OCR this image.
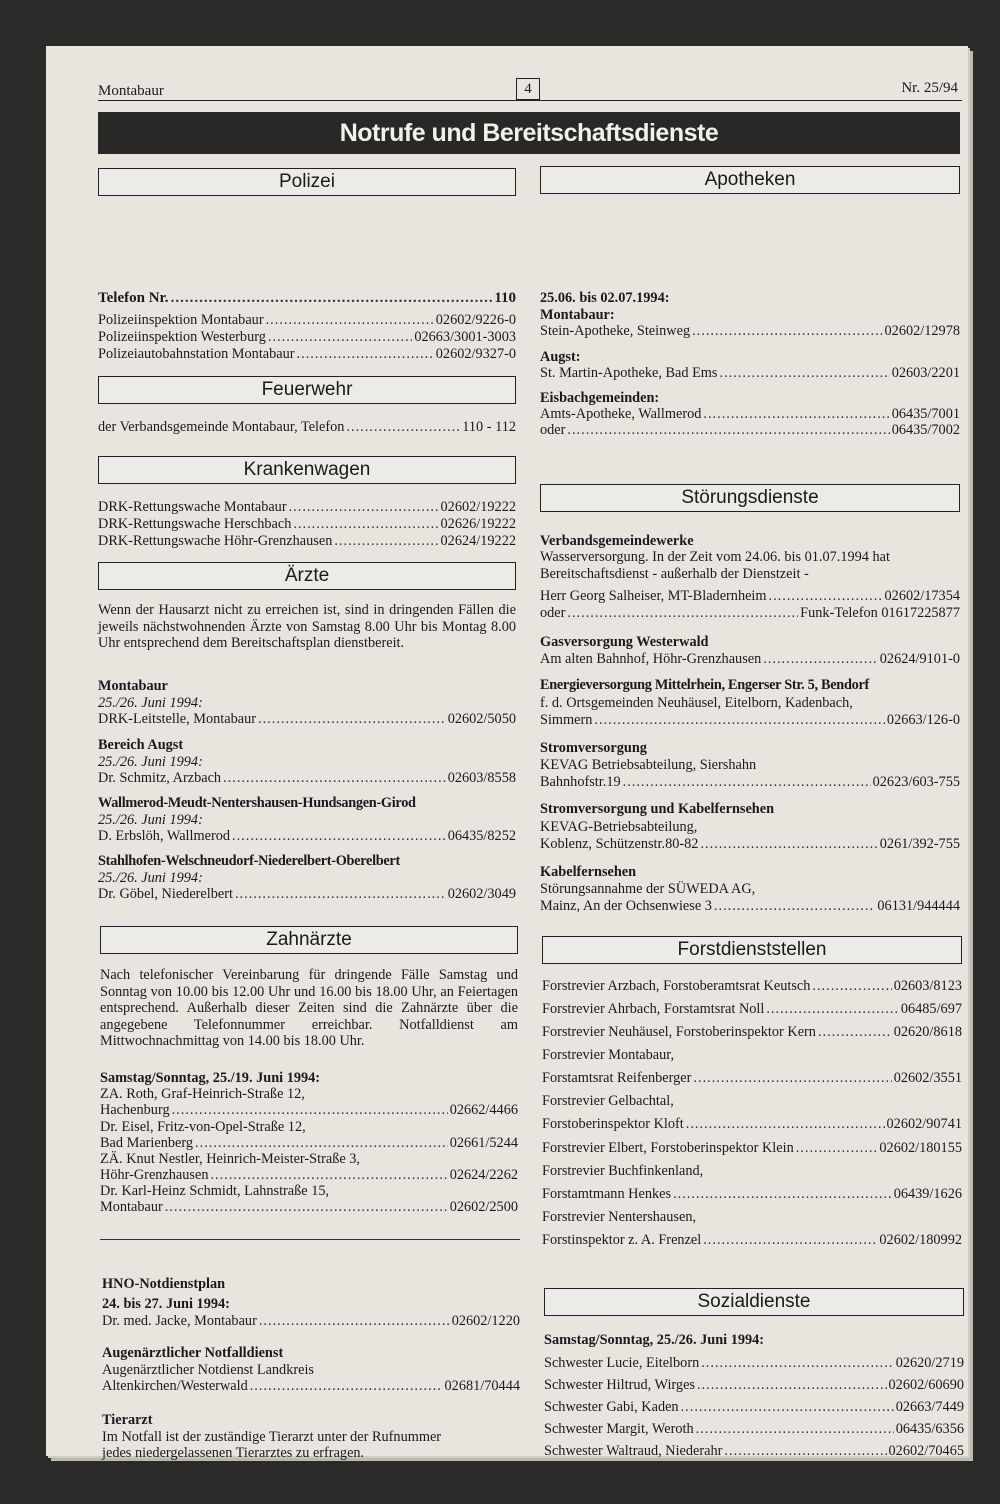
Montabaur	4	Nr. 25/94
Notrufe und Bereitschaftsdienste
Polizei
Telefon Nr. .....	110
Polizeiinspektion Montabaur .....	02602/9226-0
Polizeiinspektion Westerburg .....	02663/3001-3003
Polizeiautobahnstation Montabaur .....	02602/9327-0
Feuerwehr
der Verbandsgemeinde Montabaur, Telefon .....	110 - 112
Krankenwagen
DRK-Rettungswache Montabaur .....	02602/19222
DRK-Rettungswache Herschbach .....	02626/19222
DRK-Rettungswache Höhr-Grenzhausen .....	02624/19222
Ärzte
Wenn der Hausarzt nicht zu erreichen ist, sind in dringenden Fällen die jeweils nächstwohnenden Ärzte von Samstag 8.00 Uhr bis Montag 8.00 Uhr entsprechend dem Bereitschaftsplan dienstbereit.
Montabaur
25./26. Juni 1994:
DRK-Leitstelle, Montabaur .....	02602/5050
Bereich Augst
25./26. Juni 1994:
Dr. Schmitz, Arzbach .....	02603/8558
Wallmerod-Meudt-Nentershausen-Hundsangen-Girod
25./26. Juni 1994:
D. Erbslöh, Wallmerod .....	06435/8252
Stahlhofen-Welschneudorf-Niederelbert-Oberelbert
25./26. Juni 1994:
Dr. Göbel, Niederelbert .....	02602/3049
Zahnärzte
Nach telefonischer Vereinbarung für dringende Fälle Samstag und Sonntag von 10.00 bis 12.00 Uhr und 16.00 bis 18.00 Uhr, an Feiertagen entsprechend. Außerhalb dieser Zeiten sind die Zahnärzte über die angegebene Telefonnummer erreichbar. Notfalldienst am Mittwochnachmittag von 14.00 bis 18.00 Uhr.
Samstag/Sonntag, 25./19. Juni 1994:
ZA. Roth, Graf-Heinrich-Straße 12,
Hachenburg .....	02662/4466
Dr. Eisel, Fritz-von-Opel-Straße 12,
Bad Marienberg .....	02661/5244
ZÄ. Knut Nestler, Heinrich-Meister-Straße 3,
Höhr-Grenzhausen .....	02624/2262
Dr. Karl-Heinz Schmidt, Lahnstraße 15,
Montabaur .....	02602/2500
HNO-Notdienstplan
24. bis 27. Juni 1994:
Dr. med. Jacke, Montabaur .....	02602/1220
Augenärztlicher Notfalldienst
Augenärztlicher Notdienst Landkreis
Altenkirchen/Westerwald .....	02681/70444
Tierarzt
Im Notfall ist der zuständige Tierarzt unter der Rufnummer
jedes niedergelassenen Tierarztes zu erfragen.
Apotheken
25.06. bis 02.07.1994:
Montabaur:
Stein-Apotheke, Steinweg .....	02602/12978
Augst:
St. Martin-Apotheke, Bad Ems .....	02603/2201
Eisbachgemeinden:
Amts-Apotheke, Wallmerod .....	06435/7001
oder .....	06435/7002
Störungsdienste
Verbandsgemeindewerke
Wasserversorgung. In der Zeit vom 24.06. bis 01.07.1994 hat
Bereitschaftsdienst - außerhalb der Dienstzeit -
Herr Georg Salheiser, MT-Bladernheim .....	02602/17354
oder .....	Funk-Telefon 01617225877
Gasversorgung Westerwald
Am alten Bahnhof, Höhr-Grenzhausen .....	02624/9101-0
Energieversorgung Mittelrhein, Engerser Str. 5, Bendorf
f. d. Ortsgemeinden Neuhäusel, Eitelborn, Kadenbach,
Simmern .....	02663/126-0
Stromversorgung
KEVAG Betriebsabteilung, Siershahn
Bahnhofstr.19 .....	02623/603-755
Stromversorgung und Kabelfernsehen
KEVAG-Betriebsabteilung,
Koblenz, Schützenstr.80-82 .....	0261/392-755
Kabelfernsehen
Störungsannahme der SÜWEDA AG,
Mainz, An der Ochsenwiese 3 .....	06131/944444
Forstdienststellen
Forstrevier Arzbach, Forstoberamtsrat Keutsch .....	02603/8123
Forstrevier Ahrbach, Forstamtsrat Noll .....	06485/697
Forstrevier Neuhäusel, Forstoberinspektor Kern .....	02620/8618
Forstrevier Montabaur,
Forstamtsrat Reifenberger .....	02602/3551
Forstrevier Gelbachtal,
Forstoberinspektor Kloft .....	02602/90741
Forstrevier Elbert, Forstoberinspektor Klein .....	02602/180155
Forstrevier Buchfinkenland,
Forstamtmann Henkes .....	06439/1626
Forstrevier Nentershausen,
Forstinspektor z. A. Frenzel .....	02602/180992
Sozialdienste
Samstag/Sonntag, 25./26. Juni 1994:
Schwester Lucie, Eitelborn .....	02620/2719
Schwester Hiltrud, Wirges .....	02602/60690
Schwester Gabi, Kaden .....	02663/7449
Schwester Margit, Weroth .....	06435/6356
Schwester Waltraud, Niederahr .....	02602/70465
